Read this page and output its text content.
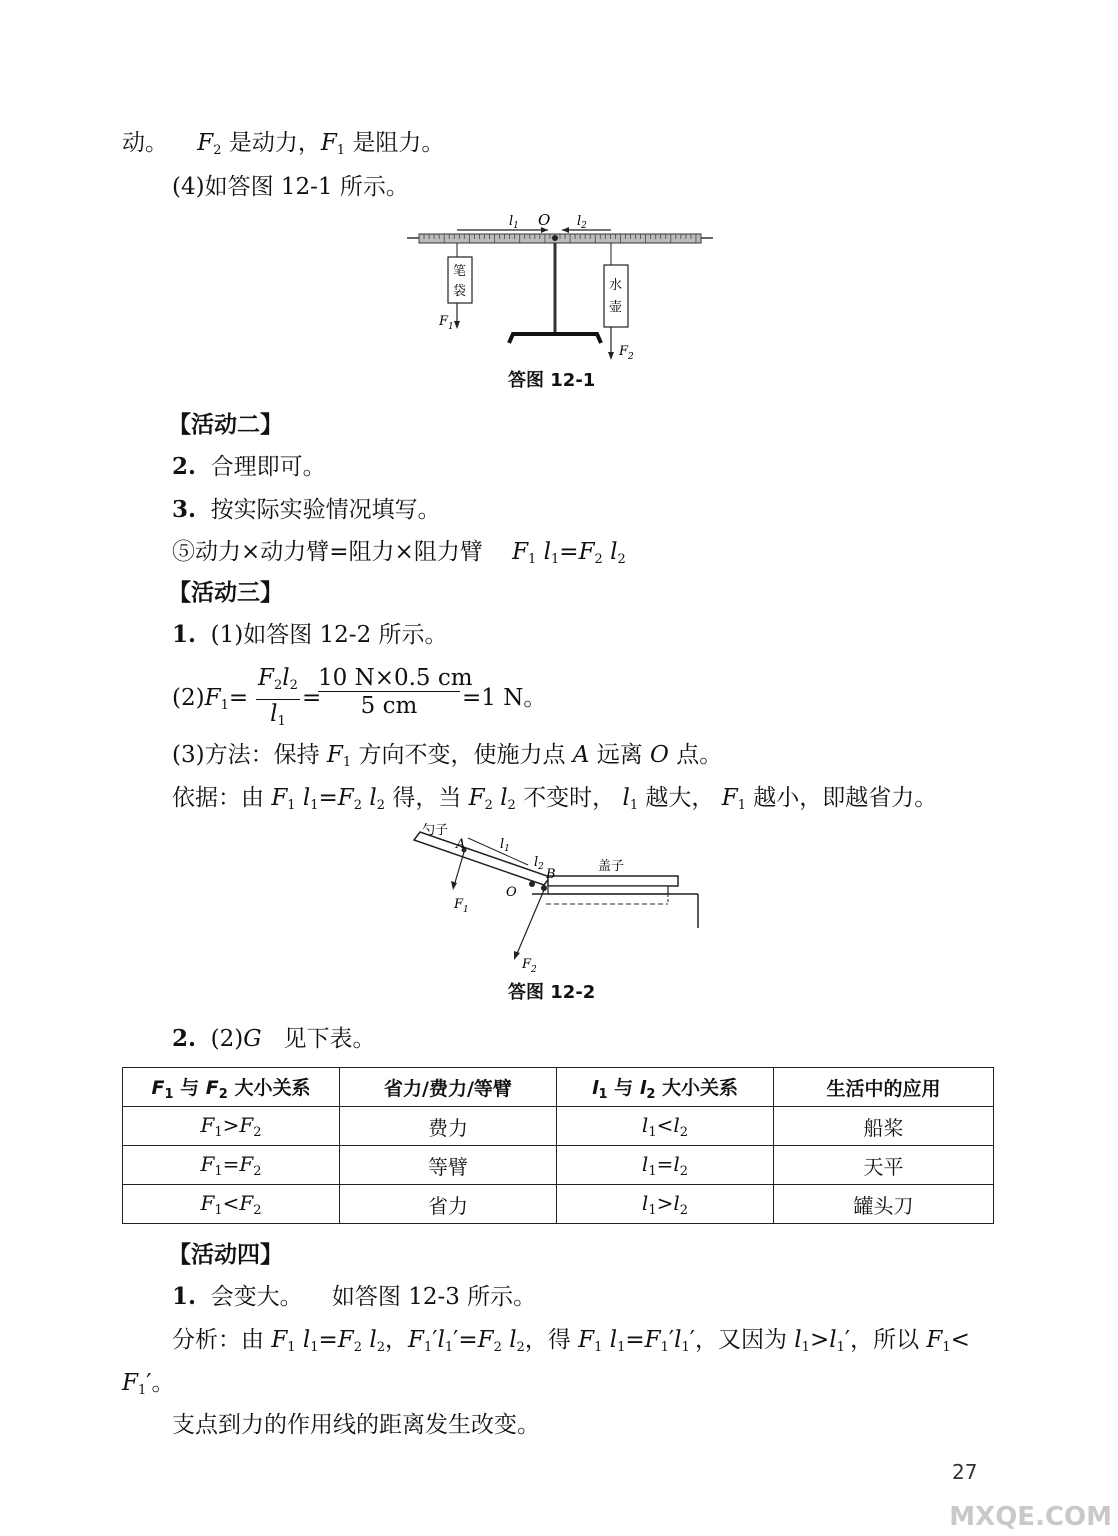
动。 $F_2$ 是动力，$F_1$ 是阻力。
(4)如答图 12-1 所示。
$l_1$ O $l_2$
笔
袋
$F_1$
水
壶
$F_2$
答图 12-1
【活动二】
2. 合理即可。
3. 按实际实验情况填写。
⑤动力×动力臂=阻力×阻力臂 $F_1$ $l_1=F_2$ $l_2$
【活动三】
1. (1)如答图 12-2 所示。
$(2)F_1= \frac{F_2l_2}{l_1}$ =
$\frac{10 N\times 0.5 cm}{5 cm} =1$ N。
(3)方法：保持 $F_1$ 方向不变，使施力点 A 远离 O 点。
依据：由 $F_1$ $l_1=F_2$ $l_2$ 得，当 $F_2$ $l_2$ 不变时， $l_1$ 越大， $F_1$ 越小，即越省力。
勺子
盖子
A
O
B
$l_1$
$l_2$
$F_1$
$F_2$
答图 12-2
2. (2)G 见下表。
$F_1$ 与 $F_2$ 大小关系	省力/费力/等臂	$l_1$ 与 $l_2$ 大小关系	生活中的应用
$F_1>F_2$	费力	$l_1<l_2$	船桨
$F_1=F_2$	等臂	$l_1=l_2$	天平
$F_1<F_2$	省力	$l_1>l_2$	罐头刀
【活动四】
1. 会变大。 如答图 12-3 所示。
分析：由 $F_1$ $l_1=F_2$ $l_2$，$F_1'l_1'=F_2$ $l_2$，得 $F_1$ $l_1=F_1'l_1'$，又因为 $l_1>l_1'$，所以 $F_1<$
$F_1'$。
支点到力的作用线的距离发生改变。
27
MXQE.COM
